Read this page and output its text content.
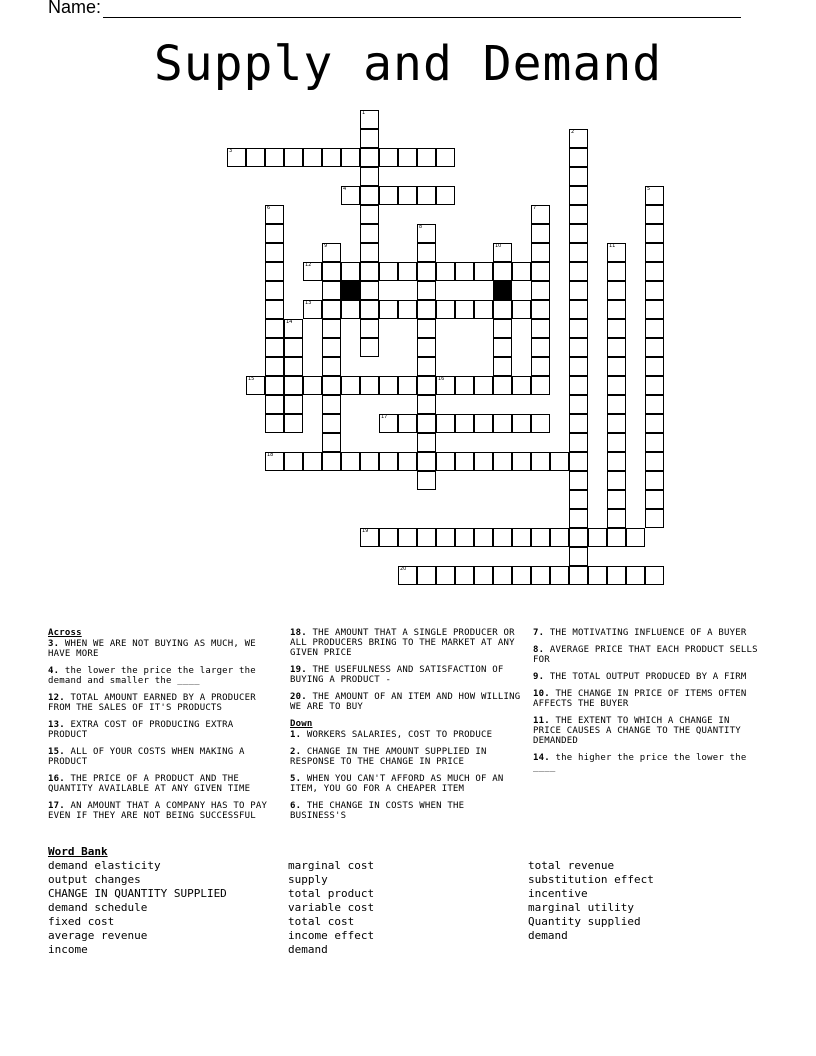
Name:
Supply and Demand
1
2
3
4	5
6	7
8
9	10	11
12
13
14
15	16
17
18
19
20
Across
3. WHEN WE ARE NOT BUYING AS MUCH, WE HAVE MORE
4. the lower the price the larger the demand and smaller the ____
12. TOTAL AMOUNT EARNED BY A PRODUCER FROM THE SALES OF IT'S PRODUCTS
13. EXTRA COST OF PRODUCING EXTRA PRODUCT
15. ALL OF YOUR COSTS WHEN MAKING A PRODUCT
16. THE PRICE OF A PRODUCT AND THE QUANTITY AVAILABLE AT ANY GIVEN TIME
17. AN AMOUNT THAT A COMPANY HAS TO PAY EVEN IF THEY ARE NOT BEING SUCCESSFUL
18. THE AMOUNT THAT A SINGLE PRODUCER OR ALL PRODUCERS BRING TO THE MARKET AT ANY GIVEN PRICE
19. THE USEFULNESS AND SATISFACTION OF BUYING A PRODUCT -
20. THE AMOUNT OF AN ITEM AND HOW WILLING WE ARE TO BUY
Down
1. WORKERS SALARIES, COST TO PRODUCE
2. CHANGE IN THE AMOUNT SUPPLIED IN RESPONSE TO THE CHANGE IN PRICE
5. WHEN YOU CAN'T AFFORD AS MUCH OF AN ITEM, YOU GO FOR A CHEAPER ITEM
6. THE CHANGE IN COSTS WHEN THE BUSINESS'S
7. THE MOTIVATING INFLUENCE OF A BUYER
8. AVERAGE PRICE THAT EACH PRODUCT SELLS FOR
9. THE TOTAL OUTPUT PRODUCED BY A FIRM
10. THE CHANGE IN PRICE OF ITEMS OFTEN AFFECTS THE BUYER
11. THE EXTENT TO WHICH A CHANGE IN PRICE CAUSES A CHANGE TO THE QUANTITY DEMANDED
14. the higher the price the lower the ____
Word Bank
demand elasticity
output changes
CHANGE IN QUANTITY SUPPLIED
demand schedule
fixed cost
average revenue
income
marginal cost
supply
total product
variable cost
total cost
income effect
demand
total revenue
substitution effect
incentive
marginal utility
Quantity supplied
demand
